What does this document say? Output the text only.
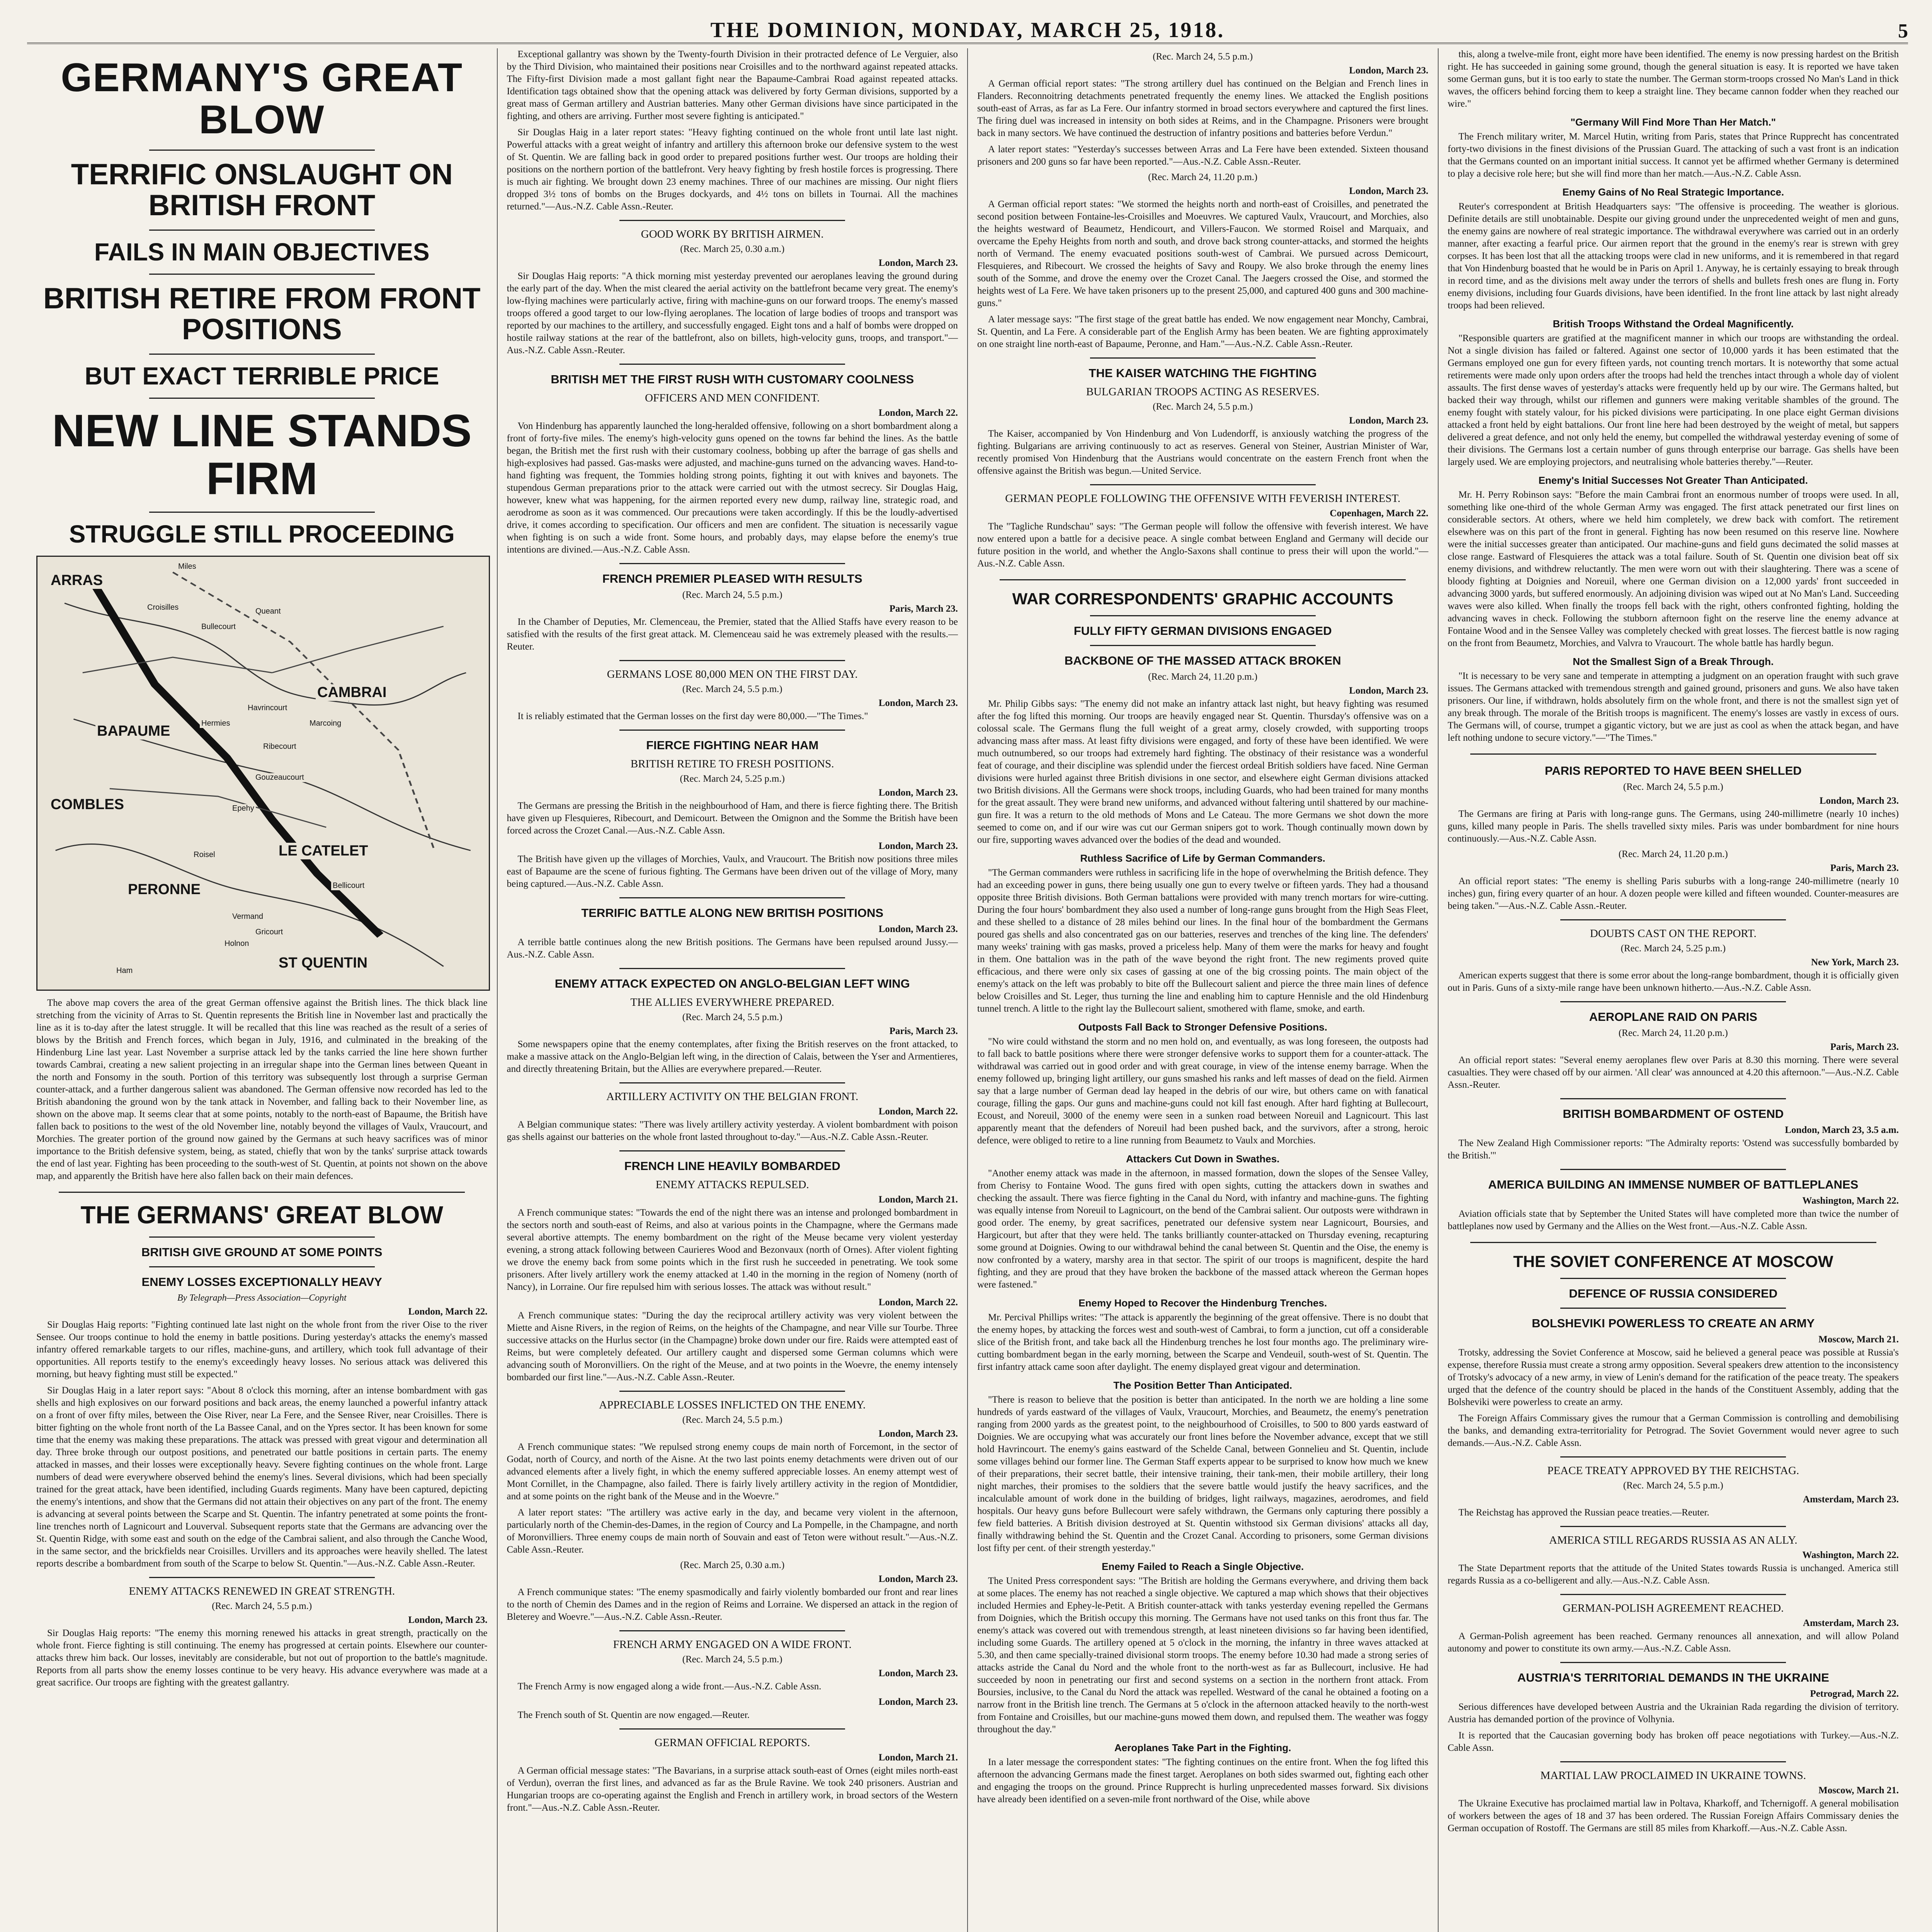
THE DOMINION, MONDAY, MARCH 25, 1918.	5
GERMANY'S GREAT BLOW
TERRIFIC ONSLAUGHT ON BRITISH FRONT
FAILS IN MAIN OBJECTIVES
BRITISH RETIRE FROM FRONT POSITIONS
BUT EXACT TERRIBLE PRICE
NEW LINE STANDS FIRM
STRUGGLE STILL PROCEEDING
Miles
ARRAS
CAMBRAI
BAPAUME
COMBLES
LE CATELET
PERONNE
ST QUENTIN
Croisilles
Bullecourt
Queant
Marcoing
Havrincourt
Hermies
Ribecourt
Gouzeaucourt
Epehy
Roisel
Bellicourt
Vermand
Holnon
Gricourt
Ham

The above map covers the area of the great German offensive against the British lines. The thick black line stretching from the vicinity of Arras to St. Quentin represents the British line in November last and practically the line as it is to-day after the latest struggle. It will be recalled that this line was reached as the result of a series of blows by the British and French forces, which began in July, 1916, and culminated in the breaking of the Hindenburg Line last year. Last November a surprise attack led by the tanks carried the line here shown further towards Cambrai, creating a new salient projecting in an irregular shape into the German lines between Queant in the north and Fonsomy in the south. Portion of this territory was subsequently lost through a surprise German counter-attack, and a further dangerous salient was abandoned. The German offensive now recorded has led to the British abandoning the ground won by the tank attack in November, and falling back to their November line, as shown on the above map. It seems clear that at some points, notably to the north-east of Bapaume, the British have fallen back to positions to the west of the old November line, notably beyond the villages of Vaulx, Vraucourt, and Morchies. The greater portion of the ground now gained by the Germans at such heavy sacrifices was of minor importance to the British defensive system, being, as stated, chiefly that won by the tanks' surprise attack towards the end of last year. Fighting has been proceeding to the south-west of St. Quentin, at points not shown on the above map, and apparently the British have here also fallen back on their main defences.

THE GERMANS' GREAT BLOW
BRITISH GIVE GROUND AT SOME POINTS
ENEMY LOSSES EXCEPTIONALLY HEAVY
By Telegraph—Press Association—Copyright
London, March 22.

Sir Douglas Haig reports: "Fighting continued late last night on the whole front from the river Oise to the river Sensee. Our troops continue to hold the enemy in battle positions. During yesterday's attacks the enemy's massed infantry offered remarkable targets to our rifles, machine-guns, and artillery, which took full advantage of their opportunities. All reports testify to the enemy's exceedingly heavy losses. No serious attack was delivered this morning, but heavy fighting must still be expected."

Sir Douglas Haig in a later report says: "About 8 o'clock this morning, after an intense bombardment with gas shells and high explosives on our forward positions and back areas, the enemy launched a powerful infantry attack on a front of over fifty miles, between the Oise River, near La Fere, and the Sensee River, near Croisilles. There is bitter fighting on the whole front north of the La Bassee Canal, and on the Ypres sector. It has been known for some time that the enemy was making these preparations. The attack was pressed with great vigour and determination all day. Three broke through our outpost positions, and penetrated our battle positions in certain parts. The enemy attacked in masses, and their losses were exceptionally heavy. Severe fighting continues on the whole front. Large numbers of dead were everywhere observed behind the enemy's lines. Several divisions, which had been specially trained for the great attack, have been identified, including Guards regiments. Many have been captured, depicting the enemy's intentions, and show that the Germans did not attain their objectives on any part of the front. The enemy is advancing at several points between the Scarpe and St. Quentin. The infantry penetrated at some points the front-line trenches north of Lagnicourt and Louverval. Subsequent reports state that the Germans are advancing over the St. Quentin Ridge, with some east and south on the edge of the Cambrai salient, and also through the Canche Wood, in the same sector, and the brickfields near Croisilles. Urvillers and its approaches were heavily shelled. The latest reports describe a bombardment from south of the Scarpe to below St. Quentin."—Aus.-N.Z. Cable Assn.-Reuter.

ENEMY ATTACKS RENEWED IN GREAT STRENGTH.
(Rec. March 24, 5.5 p.m.)
London, March 23.

Sir Douglas Haig reports: "The enemy this morning renewed his attacks in great strength, practically on the whole front. Fierce fighting is still continuing. The enemy has progressed at certain points. Elsewhere our counter-attacks threw him back. Our losses, inevitably are considerable, but not out of proportion to the battle's magnitude. Reports from all parts show the enemy losses continue to be very heavy. His advance everywhere was made at a great sacrifice. Our troops are fighting with the greatest gallantry.

Exceptional gallantry was shown by the Twenty-fourth Division in their protracted defence of Le Verguier, also by the Third Division, who maintained their positions near Croisilles and to the northward against repeated attacks. The Fifty-first Division made a most gallant fight near the Bapaume-Cambrai Road against repeated attacks. Identification tags obtained show that the opening attack was delivered by forty German divisions, supported by a great mass of German artillery and Austrian batteries. Many other German divisions have since participated in the fighting, and others are arriving. Further most severe fighting is anticipated."

Sir Douglas Haig in a later report states: "Heavy fighting continued on the whole front until late last night. Powerful attacks with a great weight of infantry and artillery this afternoon broke our defensive system to the west of St. Quentin. We are falling back in good order to prepared positions further west. Our troops are holding their positions on the northern portion of the battlefront. Very heavy fighting by fresh hostile forces is progressing. There is much air fighting. We brought down 23 enemy machines. Three of our machines are missing. Our night fliers dropped 3½ tons of bombs on the Bruges dockyards, and 4½ tons on billets in Tournai. All the machines returned."—Aus.-N.Z. Cable Assn.-Reuter.

GOOD WORK BY BRITISH AIRMEN.
(Rec. March 25, 0.30 a.m.)
London, March 23.

Sir Douglas Haig reports: "A thick morning mist yesterday prevented our aeroplanes leaving the ground during the early part of the day. When the mist cleared the aerial activity on the battlefront became very great. The enemy's low-flying machines were particularly active, firing with machine-guns on our forward troops. The enemy's massed troops offered a good target to our low-flying aeroplanes. The location of large bodies of troops and transport was reported by our machines to the artillery, and successfully engaged. Eight tons and a half of bombs were dropped on hostile railway stations at the rear of the battlefront, also on billets, high-velocity guns, troops, and transport."—Aus.-N.Z. Cable Assn.-Reuter.

BRITISH MET THE FIRST RUSH WITH CUSTOMARY COOLNESS
OFFICERS AND MEN CONFIDENT.
London, March 22.

Von Hindenburg has apparently launched the long-heralded offensive, following on a short bombardment along a front of forty-five miles. The enemy's high-velocity guns opened on the towns far behind the lines. As the battle began, the British met the first rush with their customary coolness, bobbing up after the barrage of gas shells and high-explosives had passed. Gas-masks were adjusted, and machine-guns turned on the advancing waves. Hand-to-hand fighting was frequent, the Tommies holding strong points, fighting it out with knives and bayonets. The stupendous German preparations prior to the attack were carried out with the utmost secrecy. Sir Douglas Haig, however, knew what was happening, for the airmen reported every new dump, railway line, strategic road, and aerodrome as soon as it was commenced. Our precautions were taken accordingly. If this be the loudly-advertised drive, it comes according to specification. Our officers and men are confident. The situation is necessarily vague when fighting is on such a wide front. Some hours, and probably days, may elapse before the enemy's true intentions are divined.—Aus.-N.Z. Cable Assn.

FRENCH PREMIER PLEASED WITH RESULTS
(Rec. March 24, 5.5 p.m.)
Paris, March 23.

In the Chamber of Deputies, Mr. Clemenceau, the Premier, stated that the Allied Staffs have every reason to be satisfied with the results of the first great attack. M. Clemenceau said he was extremely pleased with the results.—Reuter.

GERMANS LOSE 80,000 MEN ON THE FIRST DAY.
(Rec. March 24, 5.5 p.m.)
London, March 23.

It is reliably estimated that the German losses on the first day were 80,000.—"The Times."

FIERCE FIGHTING NEAR HAM
BRITISH RETIRE TO FRESH POSITIONS.
(Rec. March 24, 5.25 p.m.)
London, March 23.

The Germans are pressing the British in the neighbourhood of Ham, and there is fierce fighting there. The British have given up Flesquieres, Ribecourt, and Demicourt. Between the Omignon and the Somme the British have been forced across the Crozet Canal.—Aus.-N.Z. Cable Assn.

London, March 23.

The British have given up the villages of Morchies, Vaulx, and Vraucourt. The British now positions three miles east of Bapaume are the scene of furious fighting. The Germans have been driven out of the village of Mory, many being captured.—Aus.-N.Z. Cable Assn.

TERRIFIC BATTLE ALONG NEW BRITISH POSITIONS
London, March 23.

A terrible battle continues along the new British positions. The Germans have been repulsed around Jussy.—Aus.-N.Z. Cable Assn.

ENEMY ATTACK EXPECTED ON ANGLO-BELGIAN LEFT WING
THE ALLIES EVERYWHERE PREPARED.
(Rec. March 24, 5.5 p.m.)
Paris, March 23.

Some newspapers opine that the enemy contemplates, after fixing the British reserves on the front attacked, to make a massive attack on the Anglo-Belgian left wing, in the direction of Calais, between the Yser and Armentieres, and directly threatening Britain, but the Allies are everywhere prepared.—Reuter.

ARTILLERY ACTIVITY ON THE BELGIAN FRONT.
London, March 22.

A Belgian communique states: "There was lively artillery activity yesterday. A violent bombardment with poison gas shells against our batteries on the whole front lasted throughout to-day."—Aus.-N.Z. Cable Assn.-Reuter.

FRENCH LINE HEAVILY BOMBARDED
ENEMY ATTACKS REPULSED.
London, March 21.

A French communique states: "Towards the end of the night there was an intense and prolonged bombardment in the sectors north and south-east of Reims, and also at various points in the Champagne, where the Germans made several abortive attempts. The enemy bombardment on the right of the Meuse became very violent yesterday evening, a strong attack following between Caurieres Wood and Bezonvaux (north of Ornes). After violent fighting we drove the enemy back from some points which in the first rush he succeeded in penetrating. We took some prisoners. After lively artillery work the enemy attacked at 1.40 in the morning in the region of Nomeny (north of Nancy), in Lorraine. Our fire repulsed him with serious losses. The attack was without result."

London, March 22.

A French communique states: "During the day the reciprocal artillery activity was very violent between the Miette and Aisne Rivers, in the region of Reims, on the heights of the Champagne, and near Ville sur Tourbe. Three successive attacks on the Hurlus sector (in the Champagne) broke down under our fire. Raids were attempted east of Reims, but were completely defeated. Our artillery caught and dispersed some German columns which were advancing south of Moronvilliers. On the right of the Meuse, and at two points in the Woevre, the enemy intensely bombarded our first line."—Aus.-N.Z. Cable Assn.-Reuter.

APPRECIABLE LOSSES INFLICTED ON THE ENEMY.
(Rec. March 24, 5.5 p.m.)
London, March 23.

A French communique states: "We repulsed strong enemy coups de main north of Forcemont, in the sector of Godat, north of Courcy, and north of the Aisne. At the two last points enemy detachments were driven out of our advanced elements after a lively fight, in which the enemy suffered appreciable losses. An enemy attempt west of Mont Cornillet, in the Champagne, also failed. There is fairly lively artillery activity in the region of Montdidier, and at some points on the right bank of the Meuse and in the Woevre."

A later report states: "The artillery was active early in the day, and became very violent in the afternoon, particularly north of the Chemin-des-Dames, in the region of Courcy and La Pompelle, in the Champagne, and north of Moronvilliers. Three enemy coups de main north of Souvain and east of Teton were without result."—Aus.-N.Z. Cable Assn.-Reuter.

(Rec. March 25, 0.30 a.m.)
London, March 23.

A French communique states: "The enemy spasmodically and fairly violently bombarded our front and rear lines to the north of Chemin des Dames and in the region of Reims and Lorraine. We dispersed an attack in the region of Bleterey and Woevre."—Aus.-N.Z. Cable Assn.-Reuter.

FRENCH ARMY ENGAGED ON A WIDE FRONT.
(Rec. March 24, 5.5 p.m.)
London, March 23.

The French Army is now engaged along a wide front.—Aus.-N.Z. Cable Assn.

London, March 23.

The French south of St. Quentin are now engaged.—Reuter.

GERMAN OFFICIAL REPORTS.
London, March 21.

A German official message states: "The Bavarians, in a surprise attack south-east of Ornes (eight miles north-east of Verdun), overran the first lines, and advanced as far as the Brule Ravine. We took 240 prisoners. Austrian and Hungarian troops are co-operating against the English and French in artillery work, in broad sectors of the Western front."—Aus.-N.Z. Cable Assn.-Reuter.

(Rec. March 24, 5.5 p.m.)
London, March 23.

A German official report states: "The strong artillery duel has continued on the Belgian and French lines in Flanders. Reconnoitring detachments penetrated frequently the enemy lines. We attacked the English positions south-east of Arras, as far as La Fere. Our infantry stormed in broad sectors everywhere and captured the first lines. The firing duel was increased in intensity on both sides at Reims, and in the Champagne. Prisoners were brought back in many sectors. We have continued the destruction of infantry positions and batteries before Verdun."

A later report states: "Yesterday's successes between Arras and La Fere have been extended. Sixteen thousand prisoners and 200 guns so far have been reported."—Aus.-N.Z. Cable Assn.-Reuter.

(Rec. March 24, 11.20 p.m.)
London, March 23.

A German official report states: "We stormed the heights north and north-east of Croisilles, and penetrated the second position between Fontaine-les-Croisilles and Moeuvres. We captured Vaulx, Vraucourt, and Morchies, also the heights westward of Beaumetz, Hendicourt, and Villers-Faucon. We stormed Roisel and Marquaix, and overcame the Epehy Heights from north and south, and drove back strong counter-attacks, and stormed the heights north of Vermand. The enemy evacuated positions south-west of Cambrai. We pursued across Demicourt, Flesquieres, and Ribecourt. We crossed the heights of Savy and Roupy. We also broke through the enemy lines south of the Somme, and drove the enemy over the Crozet Canal. The Jaegers crossed the Oise, and stormed the heights west of La Fere. We have taken prisoners up to the present 25,000, and captured 400 guns and 300 machine-guns."

A later message says: "The first stage of the great battle has ended. We now engagement near Monchy, Cambrai, St. Quentin, and La Fere. A considerable part of the English Army has been beaten. We are fighting approximately on one straight line north-east of Bapaume, Peronne, and Ham."—Aus.-N.Z. Cable Assn.-Reuter.

THE KAISER WATCHING THE FIGHTING
BULGARIAN TROOPS ACTING AS RESERVES.
(Rec. March 24, 5.5 p.m.)
London, March 23.

The Kaiser, accompanied by Von Hindenburg and Von Ludendorff, is anxiously watching the progress of the fighting. Bulgarians are arriving continuously to act as reserves. General von Steiner, Austrian Minister of War, recently promised Von Hindenburg that the Austrians would concentrate on the eastern French front when the offensive against the British was begun.—United Service.

GERMAN PEOPLE FOLLOWING THE OFFENSIVE WITH FEVERISH INTEREST.
Copenhagen, March 22.

The "Tagliche Rundschau" says: "The German people will follow the offensive with feverish interest. We have now entered upon a battle for a decisive peace. A single combat between England and Germany will decide our future position in the world, and whether the Anglo-Saxons shall continue to press their will upon the world."—Aus.-N.Z. Cable Assn.

WAR CORRESPONDENTS' GRAPHIC ACCOUNTS
FULLY FIFTY GERMAN DIVISIONS ENGAGED
BACKBONE OF THE MASSED ATTACK BROKEN
(Rec. March 24, 11.20 p.m.)
London, March 23.

Mr. Philip Gibbs says: "The enemy did not make an infantry attack last night, but heavy fighting was resumed after the fog lifted this morning. Our troops are heavily engaged near St. Quentin. Thursday's offensive was on a colossal scale. The Germans flung the full weight of a great army, closely crowded, with supporting troops advancing mass after mass. At least fifty divisions were engaged, and forty of these have been identified. We were much outnumbered, so our troops had extremely hard fighting. The obstinacy of their resistance was a wonderful feat of courage, and their discipline was splendid under the fiercest ordeal British soldiers have faced. Nine German divisions were hurled against three British divisions in one sector, and elsewhere eight German divisions attacked two British divisions. All the Germans were shock troops, including Guards, who had been trained for many months for the great assault. They were brand new uniforms, and advanced without faltering until shattered by our machine-gun fire. It was a return to the old methods of Mons and Le Cateau. The more Germans we shot down the more seemed to come on, and if our wire was cut our German snipers got to work. Though continually mown down by our fire, supporting waves advanced over the bodies of the dead and wounded.

Ruthless Sacrifice of Life by German Commanders.

"The German commanders were ruthless in sacrificing life in the hope of overwhelming the British defence. They had an exceeding power in guns, there being usually one gun to every twelve or fifteen yards. They had a thousand opposite three British divisions. Both German battalions were provided with many trench mortars for wire-cutting. During the four hours' bombardment they also used a number of long-range guns brought from the High Seas Fleet, and these shelled to a distance of 28 miles behind our lines. In the final hour of the bombardment the Germans poured gas shells and also concentrated gas on our batteries, reserves and trenches of the king line. The defenders' many weeks' training with gas masks, proved a priceless help. Many of them were the marks for heavy and fought in them. One battalion was in the path of the wave beyond the right front. The new regiments proved quite efficacious, and there were only six cases of gassing at one of the big crossing points. The main object of the enemy's attack on the left was probably to bite off the Bullecourt salient and pierce the three main lines of defence below Croisilles and St. Leger, thus turning the line and enabling him to capture Hennisle and the old Hindenburg tunnel trench. A little to the right lay the Bullecourt salient, smothered with flame, smoke, and earth.

Outposts Fall Back to Stronger Defensive Positions.

"No wire could withstand the storm and no men hold on, and eventually, as was long foreseen, the outposts had to fall back to battle positions where there were stronger defensive works to support them for a counter-attack. The withdrawal was carried out in good order and with great courage, in view of the intense enemy barrage. When the enemy followed up, bringing light artillery, our guns smashed his ranks and left masses of dead on the field. Airmen say that a large number of German dead lay heaped in the debris of our wire, but others came on with fanatical courage, filling the gaps. Our guns and machine-guns could not kill fast enough. After hard fighting at Bullecourt, Ecoust, and Noreuil, 3000 of the enemy were seen in a sunken road between Noreuil and Lagnicourt. This last apparently meant that the defenders of Noreuil had been pushed back, and the survivors, after a strong, heroic defence, were obliged to retire to a line running from Beaumetz to Vaulx and Morchies.

Attackers Cut Down in Swathes.

"Another enemy attack was made in the afternoon, in massed formation, down the slopes of the Sensee Valley, from Cherisy to Fontaine Wood. The guns fired with open sights, cutting the attackers down in swathes and checking the assault. There was fierce fighting in the Canal du Nord, with infantry and machine-guns. The fighting was equally intense from Noreuil to Lagnicourt, on the bend of the Cambrai salient. Our outposts were withdrawn in good order. The enemy, by great sacrifices, penetrated our defensive system near Lagnicourt, Boursies, and Hargicourt, but after that they were held. The tanks brilliantly counter-attacked on Thursday evening, recapturing some ground at Doignies. Owing to our withdrawal behind the canal between St. Quentin and the Oise, the enemy is now confronted by a watery, marshy area in that sector. The spirit of our troops is magnificent, despite the hard fighting, and they are proud that they have broken the backbone of the massed attack whereon the German hopes were fastened."

Enemy Hoped to Recover the Hindenburg Trenches.

Mr. Percival Phillips writes: "The attack is apparently the beginning of the great offensive. There is no doubt that the enemy hopes, by attacking the forces west and south-west of Cambrai, to form a junction, cut off a considerable slice of the British front, and take back all the Hindenburg trenches he lost four months ago. The preliminary wire-cutting bombardment began in the early morning, between the Scarpe and Vendeuil, south-west of St. Quentin. The first infantry attack came soon after daylight. The enemy displayed great vigour and determination.

The Position Better Than Anticipated.

"There is reason to believe that the position is better than anticipated. In the north we are holding a line some hundreds of yards eastward of the villages of Vaulx, Vraucourt, Morchies, and Beaumetz, the enemy's penetration ranging from 2000 yards as the greatest point, to the neighbourhood of Croisilles, to 500 to 800 yards eastward of Doignies. We are occupying what was accurately our front lines before the November advance, except that we still hold Havrincourt. The enemy's gains eastward of the Schelde Canal, between Gonnelieu and St. Quentin, include some villages behind our former line. The German Staff experts appear to be surprised to know how much we knew of their preparations, their secret battle, their intensive training, their tank-men, their mobile artillery, their long night marches, their promises to the soldiers that the severe battle would justify the heavy sacrifices, and the incalculable amount of work done in the building of bridges, light railways, magazines, aerodromes, and field hospitals. Our heavy guns before Bullecourt were safely withdrawn, the Germans only capturing there possibly a few field batteries. A British division destroyed at St. Quentin withstood six German divisions' attacks all day, finally withdrawing behind the St. Quentin and the Crozet Canal. According to prisoners, some German divisions lost fifty per cent. of their strength yesterday."

Enemy Failed to Reach a Single Objective.

The United Press correspondent says: "The British are holding the Germans everywhere, and driving them back at some places. The enemy has not reached a single objective. We captured a map which shows that their objectives included Hermies and Ephey-le-Petit. A British counter-attack with tanks yesterday evening repelled the Germans from Doignies, which the British occupy this morning. The Germans have not used tanks on this front thus far. The enemy's attack was covered out with tremendous strength, at least nineteen divisions so far having been identified, including some Guards. The artillery opened at 5 o'clock in the morning, the infantry in three waves attacked at 5.30, and then came specially-trained divisional storm troops. The enemy before 10.30 had made a strong series of attacks astride the Canal du Nord and the whole front to the north-west as far as Bullecourt, inclusive. He had succeeded by noon in penetrating our first and second systems on a section in the northern front attack. From Boursies, inclusive, to the Canal du Nord the attack was repelled. Westward of the canal he obtained a footing on a narrow front in the British line trench. The Germans at 5 o'clock in the afternoon attacked heavily to the north-west from Fontaine and Croisilles, but our machine-guns mowed them down, and repulsed them. The weather was foggy throughout the day."

Aeroplanes Take Part in the Fighting.

In a later message the correspondent states: "The fighting continues on the entire front. When the fog lifted this afternoon the advancing Germans made the finest target. Aeroplanes on both sides swarmed out, fighting each other and engaging the troops on the ground. Prince Rupprecht is hurling unprecedented masses forward. Six divisions have already been identified on a seven-mile front northward of the Oise, while above

this, along a twelve-mile front, eight more have been identified. The enemy is now pressing hardest on the British right. He has succeeded in gaining some ground, though the general situation is easy. It is reported we have taken some German guns, but it is too early to state the number. The German storm-troops crossed No Man's Land in thick waves, the officers behind forcing them to keep a straight line. They became cannon fodder when they reached our wire."

"Germany Will Find More Than Her Match."

The French military writer, M. Marcel Hutin, writing from Paris, states that Prince Rupprecht has concentrated forty-two divisions in the finest divisions of the Prussian Guard. The attacking of such a vast front is an indication that the Germans counted on an important initial success. It cannot yet be affirmed whether Germany is determined to play a decisive role here; but she will find more than her match.—Aus.-N.Z. Cable Assn.

Enemy Gains of No Real Strategic Importance.

Reuter's correspondent at British Headquarters says: "The offensive is proceeding. The weather is glorious. Definite details are still unobtainable. Despite our giving ground under the unprecedented weight of men and guns, the enemy gains are nowhere of real strategic importance. The withdrawal everywhere was carried out in an orderly manner, after exacting a fearful price. Our airmen report that the ground in the enemy's rear is strewn with grey corpses. It has been lost that all the attacking troops were clad in new uniforms, and it is remembered in that regard that Von Hindenburg boasted that he would be in Paris on April 1. Anyway, he is certainly essaying to break through in record time, and as the divisions melt away under the terrors of shells and bullets fresh ones are flung in. Forty enemy divisions, including four Guards divisions, have been identified. In the front line attack by last night already troops had been relieved.

British Troops Withstand the Ordeal Magnificently.

"Responsible quarters are gratified at the magnificent manner in which our troops are withstanding the ordeal. Not a single division has failed or faltered. Against one sector of 10,000 yards it has been estimated that the Germans employed one gun for every fifteen yards, not counting trench mortars. It is noteworthy that some actual retirements were made only upon orders after the troops had held the trenches intact through a whole day of violent assaults. The first dense waves of yesterday's attacks were frequently held up by our wire. The Germans halted, but backed their way through, whilst our riflemen and gunners were making veritable shambles of the ground. The enemy fought with stately valour, for his picked divisions were participating. In one place eight German divisions attacked a front held by eight battalions. Our front line here had been destroyed by the weight of metal, but sappers delivered a great defence, and not only held the enemy, but compelled the withdrawal yesterday evening of some of their divisions. The Germans lost a certain number of guns through enterprise our barrage. Gas shells have been largely used. We are employing projectors, and neutralising whole batteries thereby."—Reuter.

Enemy's Initial Successes Not Greater Than Anticipated.

Mr. H. Perry Robinson says: "Before the main Cambrai front an enormous number of troops were used. In all, something like one-third of the whole German Army was engaged. The first attack penetrated our first lines on considerable sectors. At others, where we held him completely, we drew back with comfort. The retirement elsewhere was on this part of the front in general. Fighting has now been resumed on this reserve line. Nowhere were the initial successes greater than anticipated. Our machine-guns and field guns decimated the solid masses at close range. Eastward of Flesquieres the attack was a total failure. South of St. Quentin one division beat off six enemy divisions, and withdrew reluctantly. The men were worn out with their slaughtering. There was a scene of bloody fighting at Doignies and Noreuil, where one German division on a 12,000 yards' front succeeded in advancing 3000 yards, but suffered enormously. An adjoining division was wiped out at No Man's Land. Succeeding waves were also killed. When finally the troops fell back with the right, others confronted fighting, holding the advancing waves in check. Following the stubborn afternoon fight on the reserve line the enemy advance at Fontaine Wood and in the Sensee Valley was completely checked with great losses. The fiercest battle is now raging on the front from Beaumetz, Morchies, and Valvra to Vraucourt. The whole battle has hardly begun.

Not the Smallest Sign of a Break Through.

"It is necessary to be very sane and temperate in attempting a judgment on an operation fraught with such grave issues. The Germans attacked with tremendous strength and gained ground, prisoners and guns. We also have taken prisoners. Our line, if withdrawn, holds absolutely firm on the whole front, and there is not the smallest sign yet of any break through. The morale of the British troops is magnificent. The enemy's losses are vastly in excess of ours. The Germans will, of course, trumpet a gigantic victory, but we are just as cool as when the attack began, and have left nothing undone to secure victory."—"The Times."

PARIS REPORTED TO HAVE BEEN SHELLED
(Rec. March 24, 5.5 p.m.)
London, March 23.

The Germans are firing at Paris with long-range guns. The Germans, using 240-millimetre (nearly 10 inches) guns, killed many people in Paris. The shells travelled sixty miles. Paris was under bombardment for nine hours continuously.—Aus.-N.Z. Cable Assn.

(Rec. March 24, 11.20 p.m.)
Paris, March 23.

An official report states: "The enemy is shelling Paris suburbs with a long-range 240-millimetre (nearly 10 inches) gun, firing every quarter of an hour. A dozen people were killed and fifteen wounded. Counter-measures are being taken."—Aus.-N.Z. Cable Assn.-Reuter.

DOUBTS CAST ON THE REPORT.
(Rec. March 24, 5.25 p.m.)
New York, March 23.

American experts suggest that there is some error about the long-range bombardment, though it is officially given out in Paris. Guns of a sixty-mile range have been unknown hitherto.—Aus.-N.Z. Cable Assn.

AEROPLANE RAID ON PARIS
(Rec. March 24, 11.20 p.m.)
Paris, March 23.

An official report states: "Several enemy aeroplanes flew over Paris at 8.30 this morning. There were several casualties. They were chased off by our airmen. 'All clear' was announced at 4.20 this afternoon."—Aus.-N.Z. Cable Assn.-Reuter.

BRITISH BOMBARDMENT OF OSTEND
London, March 23, 3.5 a.m.

The New Zealand High Commissioner reports: "The Admiralty reports: 'Ostend was successfully bombarded by the British.'"

AMERICA BUILDING AN IMMENSE NUMBER OF BATTLEPLANES
Washington, March 22.

Aviation officials state that by September the United States will have completed more than twice the number of battleplanes now used by Germany and the Allies on the West front.—Aus.-N.Z. Cable Assn.

THE SOVIET CONFERENCE AT MOSCOW
DEFENCE OF RUSSIA CONSIDERED
BOLSHEVIKI POWERLESS TO CREATE AN ARMY
Moscow, March 21.

Trotsky, addressing the Soviet Conference at Moscow, said he believed a general peace was possible at Russia's expense, therefore Russia must create a strong army opposition. Several speakers drew attention to the inconsistency of Trotsky's advocacy of a new army, in view of Lenin's demand for the ratification of the peace treaty. The speakers urged that the defence of the country should be placed in the hands of the Constituent Assembly, adding that the Bolsheviki were powerless to create an army.

The Foreign Affairs Commissary gives the rumour that a German Commission is controlling and demobilising the banks, and demanding extra-territoriality for Petrograd. The Soviet Government would never agree to such demands.—Aus.-N.Z. Cable Assn.

PEACE TREATY APPROVED BY THE REICHSTAG.
(Rec. March 24, 5.5 p.m.)
Amsterdam, March 23.

The Reichstag has approved the Russian peace treaties.—Reuter.

AMERICA STILL REGARDS RUSSIA AS AN ALLY.
Washington, March 22.

The State Department reports that the attitude of the United States towards Russia is unchanged. America still regards Russia as a co-belligerent and ally.—Aus.-N.Z. Cable Assn.

GERMAN-POLISH AGREEMENT REACHED.
Amsterdam, March 23.

A German-Polish agreement has been reached. Germany renounces all annexation, and will allow Poland autonomy and power to constitute its own army.—Aus.-N.Z. Cable Assn.

AUSTRIA'S TERRITORIAL DEMANDS IN THE UKRAINE
Petrograd, March 22.

Serious differences have developed between Austria and the Ukrainian Rada regarding the division of territory. Austria has demanded portion of the province of Volhynia.

It is reported that the Caucasian governing body has broken off peace negotiations with Turkey.—Aus.-N.Z. Cable Assn.

MARTIAL LAW PROCLAIMED IN UKRAINE TOWNS.
Moscow, March 21.

The Ukraine Executive has proclaimed martial law in Poltava, Kharkoff, and Tchernigoff. A general mobilisation of workers between the ages of 18 and 37 has been ordered. The Russian Foreign Affairs Commissary denies the German occupation of Rostoff. The Germans are still 85 miles from Kharkoff.—Aus.-N.Z. Cable Assn.
